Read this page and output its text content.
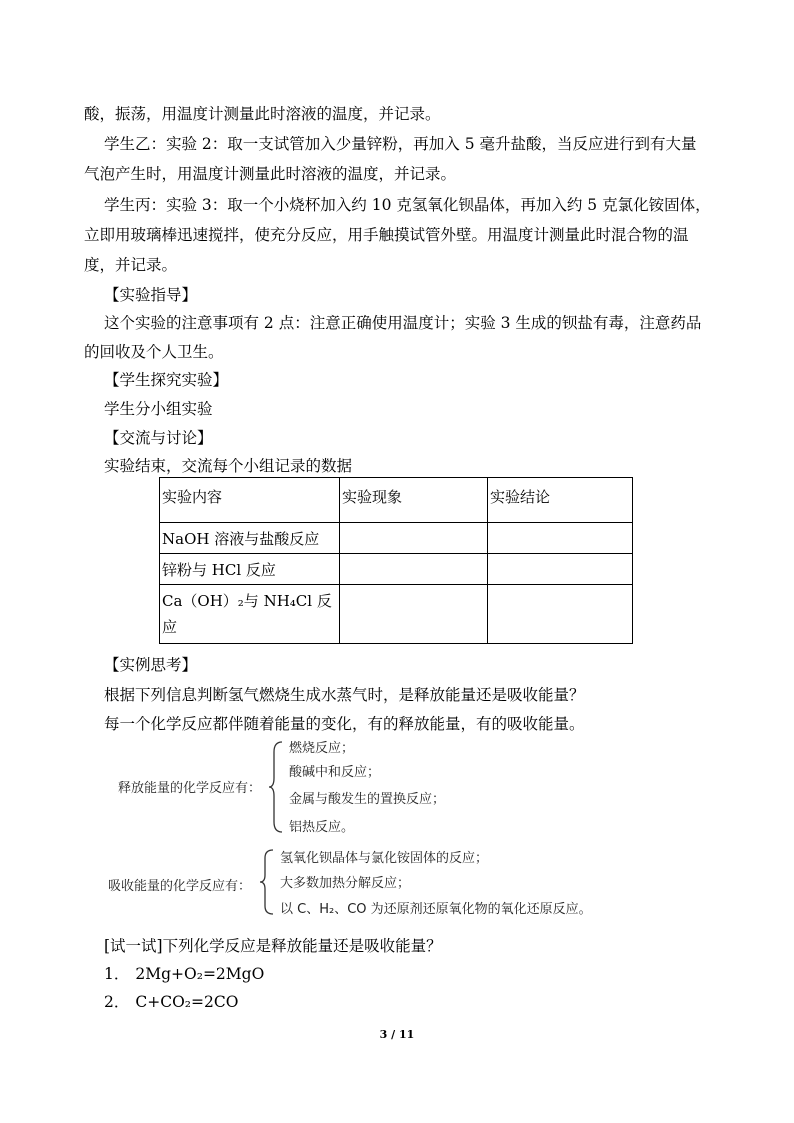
酸，振荡，用温度计测量此时溶液的温度，并记录。
学生乙：实验 2：取一支试管加入少量锌粉，再加入 5 毫升盐酸，当反应进行到有大量
气泡产生时，用温度计测量此时溶液的温度，并记录。
学生丙：实验 3：取一个小烧杯加入约 10 克氢氧化钡晶体，再加入约 5 克氯化铵固体，
立即用玻璃棒迅速搅拌，使充分反应，用手触摸试管外壁。用温度计测量此时混合物的温
度，并记录。
【实验指导】
这个实验的注意事项有 2 点：注意正确使用温度计；实验 3 生成的钡盐有毒，注意药品
的回收及个人卫生。
【学生探究实验】
学生分小组实验
【交流与讨论】
实验结束，交流每个小组记录的数据
实验内容	实验现象	实验结论
NaOH 溶液与盐酸反应		
锌粉与 HCl 反应		
Ca（OH）₂与 NH₄Cl 反应		
【实例思考】
根据下列信息判断氢气燃烧生成水蒸气时，是释放能量还是吸收能量？
每一个化学反应都伴随着能量的变化，有的释放能量，有的吸收能量。
释放能量的化学反应有：
燃烧反应；
酸碱中和反应；
金属与酸发生的置换反应；
铝热反应。
吸收能量的化学反应有：
氢氧化钡晶体与氯化铵固体的反应；
大多数加热分解反应；
以 C、H₂、CO 为还原剂还原氧化物的氧化还原反应。
[试一试]下列化学反应是释放能量还是吸收能量？
1． 2Mg+O₂=2MgO
2． C+CO₂=2CO
3 / 11
